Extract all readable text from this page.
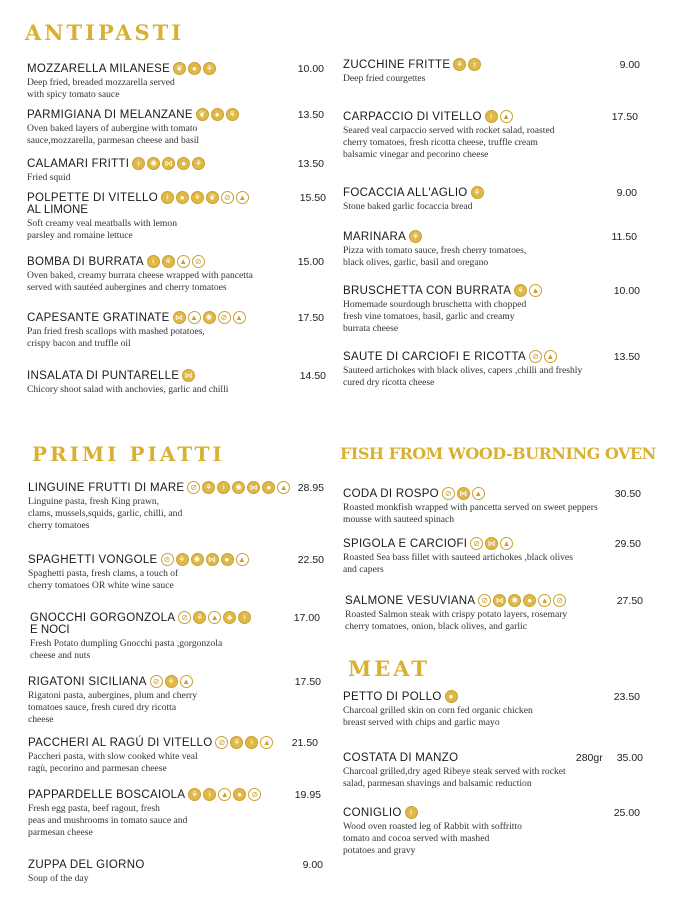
ANTIPASTI
PRIMI PIATTI	FISH FROM WOOD-BURNING OVEN
MEAT
MOZZARELLA MILANESE ❦	●	⚘	10.00
Deep fried, breaded mozzarella served
with spicy tomato sauce
PARMIGIANA DI MELANZANE ❦	●	⚘	13.50
Oven baked layers of aubergine with tomato
sauce,mozzarella, parmesan cheese and basil
CALAMARI FRITTI ᚼ	✺ ⋈	●	⚘	13.50
Fried squid
POLPETTE DI VITELLO ᚼ	●	⚘ ❦ ⊘ ▲	15.50
AL LIMONE
Soft creamy veal meatballs with lemon
parsley and romaine lettuce
BOMBA DI BURRATA ᚼ	⚘ ▲ ⊘	15.00
Oven baked, creamy burrata cheese wrapped with pancetta
served with sautéed aubergines and cherry tomatoes
CAPESANTE GRATINATE ⋈ ▲ ✺ ⊘ ▲	17.50
Pan fried fresh scallops with mashed potatoes,
crispy bacon and truffle oil
INSALATA DI PUNTARELLE ⋈	14.50
Chicory shoot salad with anchovies, garlic and chilli
ZUCCHINE FRITTE ⚘	ᚼ	9.00
Deep fried courgettes
CARPACCIO DI VITELLO ᚼ	▲	17.50
Seared veal carpaccio served with rocket salad, roasted
cherry tomatoes, fresh ricotta cheese, truffle cream
balsamic vinegar and pecorino cheese
FOCACCIA ALL'AGLIO ⚘	9.00
Stone baked garlic focaccia bread
MARINARA ⚘	11.50
Pizza with tomato sauce, fresh cherry tomatoes,
black olives, garlic, basil and oregano
BRUSCHETTA CON BURRATA ⚘ ▲	10.00
Homemade sourdough bruschetta with chopped
fresh vine tomatoes, basil, garlic and creamy
burrata cheese
SAUTE DI CARCIOFI E RICOTTA ⊘ ▲	13.50
Sauteed artichokes with black olives, capers ,chilli and freshly
cured dry ricotta cheese
LINGUINE FRUTTI DI MARE ⊘ ⚘	ᚼ	✺ ⋈	●	▲ 28.95
Linguine pasta, fresh King prawn,
clams, mussels,squids, garlic, chilli, and
cherry tomatoes
SPAGHETTI VONGOLE ⊘ ⚘ ✺ ⋈	●	▲	22.50
Spaghetti pasta, fresh clams, a touch of
cherry tomatoes OR white wine sauce
GNOCCHI GORGONZOLA ⊘ ⚘ ▲	♣	ᚼ	17.00
E NOCI
Fresh Potato dumpling Gnocchi pasta ,gorgonzola
cheese and nuts
RIGATONI SICILIANA ⊘ ⚘ ▲	17.50
Rigatoni pasta, aubergines, plum and cherry
tomatoes sauce, fresh cured dry ricotta
cheese
PACCHERI AL RAGÚ DI VITELLO ⊘ ⚘	ᚼ	▲ 21.50
Paccheri pasta, with slow cooked white veal
ragù, pecorino and parmesan cheese
PAPPARDELLE BOSCAIOLA ⚘	ᚼ	▲	●	⊘	19.95
Fresh egg pasta, beef ragout, fresh
peas and mushrooms in tomato sauce and
parmesan cheese
ZUPPA DEL GIORNO	9.00
Soup of the day
CODA DI ROSPO ⊘ ⋈ ▲	30.50
Roasted monkfish wrapped with pancetta served on sweet peppers
mousse with sauteed spinach
SPIGOLA E CARCIOFI ⊘ ⋈ ▲	29.50
Roasted Sea bass fillet with sauteed artichokes ,black olives
and capers
SALMONE VESUVIANA ⊘ ⋈ ✺	●	▲ ⊘	27.50
Roasted Salmon steak with crispy potato layers, rosemary
cherry tomatoes, onion, black olives, and garlic
PETTO DI POLLO ●	23.50
Charcoal grilled skin on corn fed organic chicken
breast served with chips and garlic mayo
COSTATA DI MANZO	280gr 35.00
Charcoal grilled,dry aged Ribeye steak served with rocket
salad, parmesan shavings and balsamic reduction
CONIGLIO ᚼ	25.00
Wood oven roasted leg of Rabbit with soffritto
tomato and cocoa served with mashed
potatoes and gravy
